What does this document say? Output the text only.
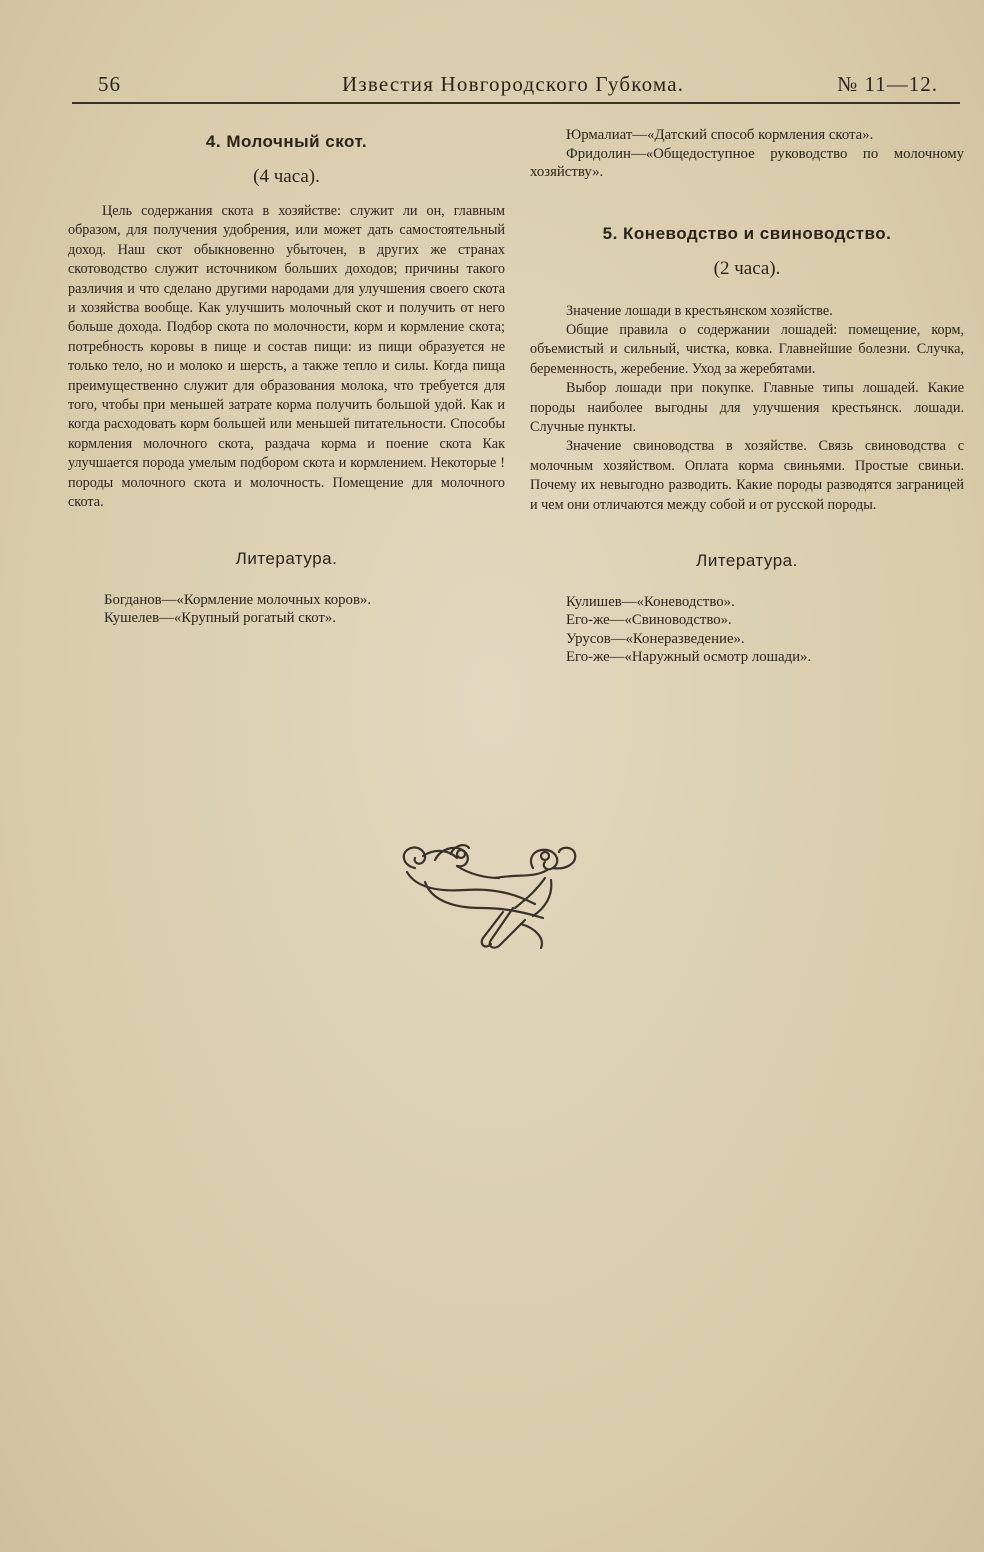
56	Известия Новгородского Губкома.	№ 11—12.
4. Молочный скот.
(4 часа).

Цель содержания скота в хозяйстве: служит ли он, главным образом, для получения удобрения, или может дать самостоятельный доход. Наш скот обыкновенно убыточен, в других же странах скотоводство служит источником больших доходов; причины такого различия и что сделано другими народами для улучшения своего скота и хозяйства вообще. Как улучшить молочный скот и получить от него больше дохода. Подбор скота по молочности, корм и кормление скота; потребность коровы в пище и состав пищи: из пищи образуется не только тело, но и молоко и шерсть, а также тепло и силы. Когда пища преимущественно служит для образования молока, что требуется для того, чтобы при меньшей затрате корма получить большой удой. Как и когда расходовать корм большей или меньшей питательности. Способы кормления молочного скота, раздача корма и поение скота Как улучшается порода умелым подбором скота и кормлением. Некоторые !породы молочного скота и молочность. Помещение для молочного скота.

Литература.
Богданов—«Кормление молочных коров».
Кушелев—«Крупный рогатый скот».
Юрмалиат—«Датский способ кормления скота».
Фридолин—«Общедоступное руководство по молочному хозяйству».
5. Коневодство и свиноводство.
(2 часа).

Значение лошади в крестьянском хозяйстве.

Общие правила о содержании лошадей: помещение, корм, объемистый и сильный, чистка, ковка. Главнейшие болезни. Случка, беременность, жеребение. Уход за жеребятами.

Выбор лошади при покупке. Главные типы лошадей. Какие породы наиболее выгодны для улучшения крестьянск. лошади. Случные пункты.

Значение свиноводства в хозяйстве. Связь свиноводства с молочным хозяйством. Оплата корма свиньями. Простые свиньи. Почему их невыгодно разводить. Какие породы разводятся заграницей и чем они отличаются между собой и от русской породы.

Литература.
Кулишев—«Коневодство».
Его-же—«Свиноводство».
Урусов—«Конеразведение».
Его-же—«Наружный осмотр лошади».
